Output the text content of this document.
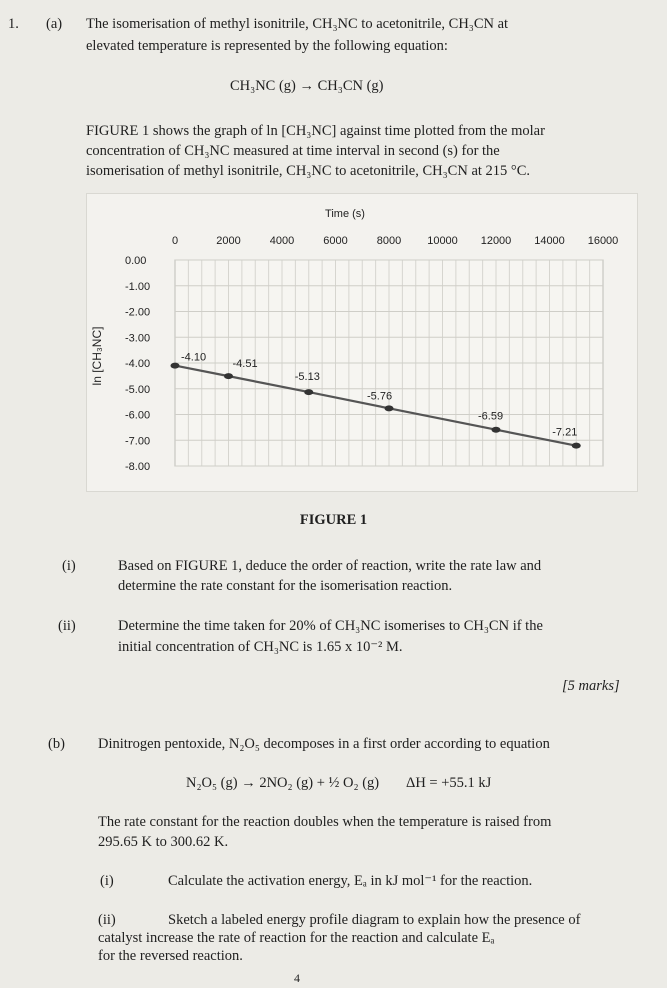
1. (a) The isomerisation of methyl isonitrile, CH₃NC to acetonitrile, CH₃CN at
elevated temperature is represented by the following equation:
CH₃NC (g) → CH₃CN (g)
FIGURE 1 shows the graph of ln [CH₃NC] against time plotted from the molar
concentration of CH₃NC measured at time interval in second (s) for the
isomerisation of methyl isonitrile, CH₃NC to acetonitrile, CH₃CN at 215 °C.
Time (s)
0	2000	4000	6000	8000 10000 12000 14000 16000
0.00
-1.00
-2.00
-3.00
-4.00
-5.00
-6.00
-7.00
-8.00
-4.10
-4.51
-5.13
-5.76
-6.59
-7.21
ln [CH₃NC]
FIGURE 1
(i)	Based on FIGURE 1, deduce the order of reaction, write the rate law and
determine the rate constant for the isomerisation reaction.
(ii)	Determine the time taken for 20% of CH₃NC isomerises to CH₃CN if the
initial concentration of CH₃NC is 1.65 x 10⁻² M.
[5 marks]
(b) Dinitrogen pentoxide, N₂O₅ decomposes in a first order according to equation
N₂O₅ (g) → 2NO₂ (g) + ½ O₂ (g) ΔH = +55.1 kJ
The rate constant for the reaction doubles when the temperature is raised from
295.65 K to 300.62 K.
(i)	Calculate the activation energy, Eₐ in kJ mol⁻¹ for the reaction.
(ii)	Sketch a labeled energy profile diagram to explain how the presence of
catalyst increase the rate of reaction for the reaction and calculate Eₐ
for the reversed reaction.
4
